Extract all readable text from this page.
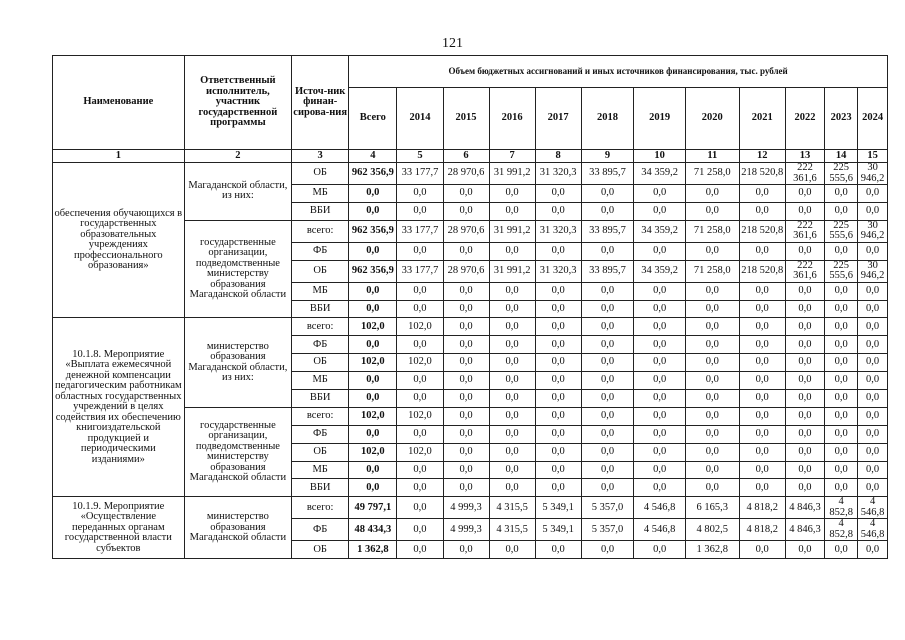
121
Наименование	Ответственный исполнитель, участник государственной программы	Источ-ник финан-сирова-ния	Объем бюджетных ассигнований и иных источников финансирования, тыс. рублей											
			Всего	2014	2015	2016	2017	2018	2019	2020	2021	2022	2023	2024
1	2	3	4	5	6	7	8	9	10	11	12	13	14	15
обеспечения обучающихся в государственных образовательных учреждениях профессионального образования»	Магаданской области, из них:	ОБ	962 356,9	33 177,7	28 970,6	31 991,2	31 320,3	33 895,7	34 359,2	71 258,0	218 520,8	222 361,6	225 555,6	30 946,2
		МБ	0,0	0,0	0,0	0,0	0,0	0,0	0,0	0,0	0,0	0,0	0,0	0,0
		ВБИ	0,0	0,0	0,0	0,0	0,0	0,0	0,0	0,0	0,0	0,0	0,0	0,0
	государственные организации, подведомственные министерству образования Магаданской области	всего:	962 356,9	33 177,7	28 970,6	31 991,2	31 320,3	33 895,7	34 359,2	71 258,0	218 520,8	222 361,6	225 555,6	30 946,2
		ФБ	0,0	0,0	0,0	0,0	0,0	0,0	0,0	0,0	0,0	0,0	0,0	0,0
		ОБ	962 356,9	33 177,7	28 970,6	31 991,2	31 320,3	33 895,7	34 359,2	71 258,0	218 520,8	222 361,6	225 555,6	30 946,2
		МБ	0,0	0,0	0,0	0,0	0,0	0,0	0,0	0,0	0,0	0,0	0,0	0,0
		ВБИ	0,0	0,0	0,0	0,0	0,0	0,0	0,0	0,0	0,0	0,0	0,0	0,0
10.1.8. Мероприятие «Выплата ежемесячной денежной компенсации педагогическим работникам областных государственных учреждений в целях содействия их обеспечению книгоиздательской продукцией и периодическими изданиями»	министерство образования Магаданской области, из них:	всего:	102,0	102,0	0,0	0,0	0,0	0,0	0,0	0,0	0,0	0,0	0,0	0,0
		ФБ	0,0	0,0	0,0	0,0	0,0	0,0	0,0	0,0	0,0	0,0	0,0	0,0
		ОБ	102,0	102,0	0,0	0,0	0,0	0,0	0,0	0,0	0,0	0,0	0,0	0,0
		МБ	0,0	0,0	0,0	0,0	0,0	0,0	0,0	0,0	0,0	0,0	0,0	0,0
		ВБИ	0,0	0,0	0,0	0,0	0,0	0,0	0,0	0,0	0,0	0,0	0,0	0,0
	государственные организации, подведомственные министерству образования Магаданской области	всего:	102,0	102,0	0,0	0,0	0,0	0,0	0,0	0,0	0,0	0,0	0,0	0,0
		ФБ	0,0	0,0	0,0	0,0	0,0	0,0	0,0	0,0	0,0	0,0	0,0	0,0
		ОБ	102,0	102,0	0,0	0,0	0,0	0,0	0,0	0,0	0,0	0,0	0,0	0,0
		МБ	0,0	0,0	0,0	0,0	0,0	0,0	0,0	0,0	0,0	0,0	0,0	0,0
		ВБИ	0,0	0,0	0,0	0,0	0,0	0,0	0,0	0,0	0,0	0,0	0,0	0,0
10.1.9. Мероприятие «Осуществление переданных органам государственной власти субъектов	министерство образования Магаданской области	всего:	49 797,1	0,0	4 999,3	4 315,5	5 349,1	5 357,0	4 546,8	6 165,3	4 818,2	4 846,3	4 852,8	4 546,8
		ФБ	48 434,3	0,0	4 999,3	4 315,5	5 349,1	5 357,0	4 546,8	4 802,5	4 818,2	4 846,3	4 852,8	4 546,8
		ОБ	1 362,8	0,0	0,0	0,0	0,0	0,0	0,0	1 362,8	0,0	0,0	0,0	0,0
